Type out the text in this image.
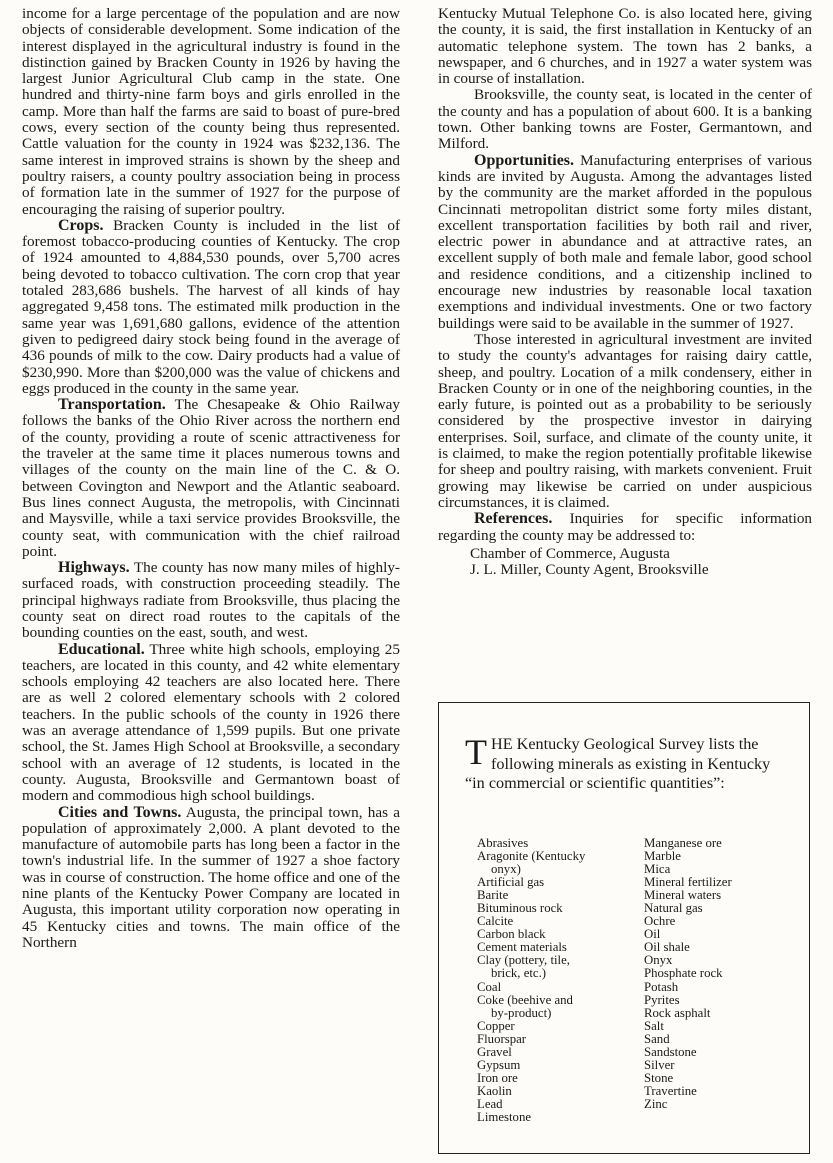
income for a large percentage of the population and are now objects of considerable development. Some indication of the interest displayed in the agricultural industry is found in the distinction gained by Bracken County in 1926 by having the largest Junior Agricultural Club camp in the state. One hundred and thirty-nine farm boys and girls enrolled in the camp. More than half the farms are said to boast of pure-bred cows, every section of the county being thus represented. Cattle valuation for the county in 1924 was $232,136. The same interest in improved strains is shown by the sheep and poultry raisers, a county poultry association being in process of formation late in the summer of 1927 for the purpose of encouraging the raising of superior poultry.

Crops. Bracken County is included in the list of foremost tobacco-producing counties of Kentucky. The crop of 1924 amounted to 4,884,530 pounds, over 5,700 acres being devoted to tobacco cultivation. The corn crop that year totaled 283,686 bushels. The harvest of all kinds of hay aggregated 9,458 tons. The estimated milk production in the same year was 1,691,680 gallons, evidence of the attention given to pedigreed dairy stock being found in the average of 436 pounds of milk to the cow. Dairy products had a value of $230,990. More than $200,000 was the value of chickens and eggs produced in the county in the same year.

Transportation. The Chesapeake & Ohio Railway follows the banks of the Ohio River across the northern end of the county, providing a route of scenic attractiveness for the traveler at the same time it places numerous towns and villages of the county on the main line of the C. & O. between Covington and Newport and the Atlantic seaboard. Bus lines connect Augusta, the metropolis, with Cincinnati and Maysville, while a taxi service provides Brooksville, the county seat, with communication with the chief railroad point.

Highways. The county has now many miles of highly-surfaced roads, with construction proceeding steadily. The principal highways radiate from Brooksville, thus placing the county seat on direct road routes to the capitals of the bounding counties on the east, south, and west.

Educational. Three white high schools, employing 25 teachers, are located in this county, and 42 white elementary schools employing 42 teachers are also located here. There are as well 2 colored elementary schools with 2 colored teachers. In the public schools of the county in 1926 there was an average attendance of 1,599 pupils. But one private school, the St. James High School at Brooksville, a secondary school with an average of 12 students, is located in the county. Augusta, Brooksville and Germantown boast of modern and commodious high school buildings.

Cities and Towns. Augusta, the principal town, has a population of approximately 2,000. A plant devoted to the manufacture of automobile parts has long been a factor in the town's industrial life. In the summer of 1927 a shoe factory was in course of construction. The home office and one of the nine plants of the Kentucky Power Company are located in Augusta, this important utility corporation now operating in 45 Kentucky cities and towns. The main office of the Northern

Kentucky Mutual Telephone Co. is also located here, giving the county, it is said, the first installation in Kentucky of an automatic telephone system. The town has 2 banks, a newspaper, and 6 churches, and in 1927 a water system was in course of installation.

Brooksville, the county seat, is located in the center of the county and has a population of about 600. It is a banking town. Other banking towns are Foster, Germantown, and Milford.

Opportunities. Manufacturing enterprises of various kinds are invited by Augusta. Among the advantages listed by the community are the market afforded in the populous Cincinnati metropolitan district some forty miles distant, excellent transportation facilities by both rail and river, electric power in abundance and at attractive rates, an excellent supply of both male and female labor, good school and residence conditions, and a citizenship inclined to encourage new industries by reasonable local taxation exemptions and individual investments. One or two factory buildings were said to be available in the summer of 1927.

Those interested in agricultural investment are invited to study the county's advantages for raising dairy cattle, sheep, and poultry. Location of a milk condensery, either in Bracken County or in one of the neighboring counties, in the early future, is pointed out as a probability to be seriously considered by the prospective investor in dairying enterprises. Soil, surface, and climate of the county unite, it is claimed, to make the region potentially profitable likewise for sheep and poultry raising, with markets convenient. Fruit growing may likewise be carried on under auspicious circumstances, it is claimed.

References. Inquiries for specific information regarding the county may be addressed to:

Chamber of Commerce, Augusta
J. L. Miller, County Agent, Brooksville
THE Kentucky Geological Survey lists the following minerals as existing in Kentucky “in commercial or scientific quantities”:
Abrasives
Aragonite (Kentucky
onyx)
Artificial gas
Barite
Bituminous rock
Calcite
Carbon black
Cement materials
Clay (pottery, tile,
brick, etc.)
Coal
Coke (beehive and
by-product)
Copper
Fluorspar
Gravel
Gypsum
Iron ore
Kaolin
Lead
Limestone
Manganese ore
Marble
Mica
Mineral fertilizer
Mineral waters
Natural gas
Ochre
Oil
Oil shale
Onyx
Phosphate rock
Potash
Pyrites
Rock asphalt
Salt
Sand
Sandstone
Silver
Stone
Travertine
Zinc
